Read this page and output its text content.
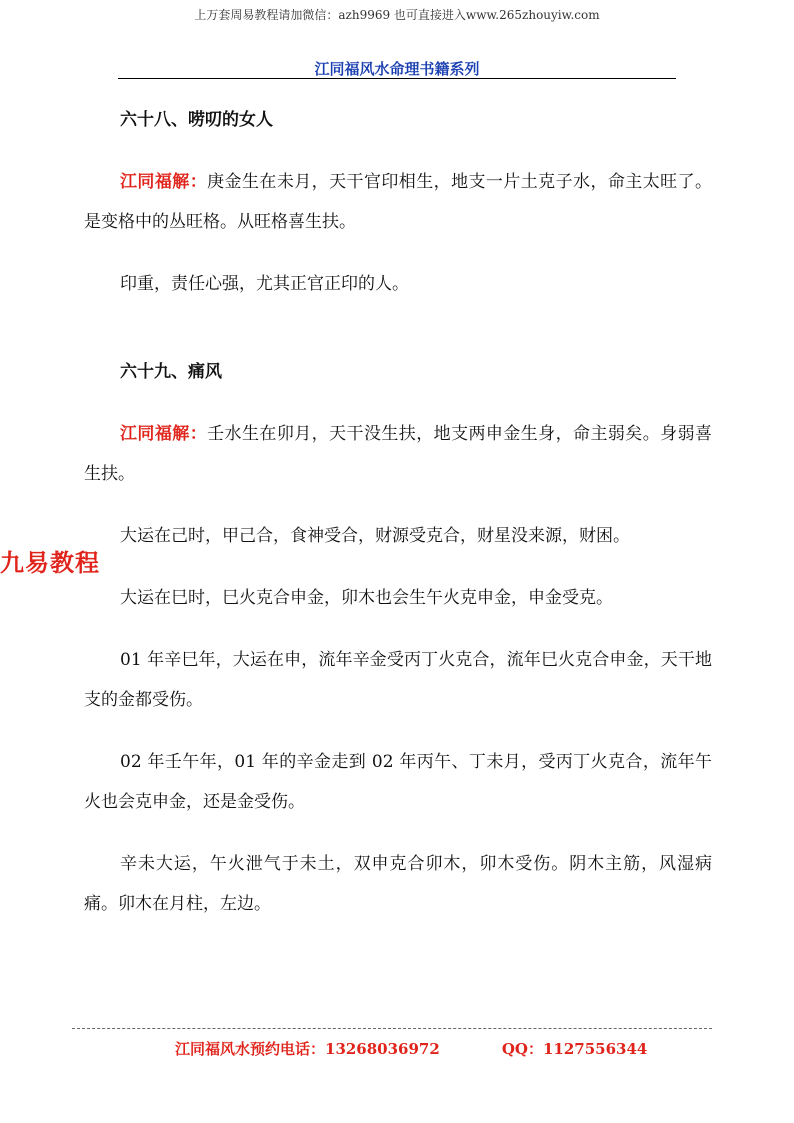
上万套周易教程请加微信：azh9969 也可直接进入www.265zhouyiw.com
江同福风水命理书籍系列

六十八、唠叨的女人

江同福解：庚金生在未月，天干官印相生，地支一片土克子水，命主太旺了。是变格中的丛旺格。从旺格喜生扶。

印重，责任心强，尤其正官正印的人。

六十九、痛风

江同福解：壬水生在卯月，天干没生扶，地支两申金生身，命主弱矣。身弱喜生扶。

大运在己时，甲己合，食神受合，财源受克合，财星没来源，财困。

大运在巳时，巳火克合申金，卯木也会生午火克申金，申金受克。

01 年辛巳年，大运在申，流年辛金受丙丁火克合，流年巳火克合申金，天干地支的金都受伤。

02 年壬午年，01 年的辛金走到 02 年丙午、丁未月，受丙丁火克合，流年午火也会克申金，还是金受伤。

辛未大运，午火泄气于未土，双申克合卯木，卯木受伤。阴木主筋，风湿病痛。卯木在月柱，左边。

九易教程
江同福风水预约电话：13268036972	QQ：1127556344
